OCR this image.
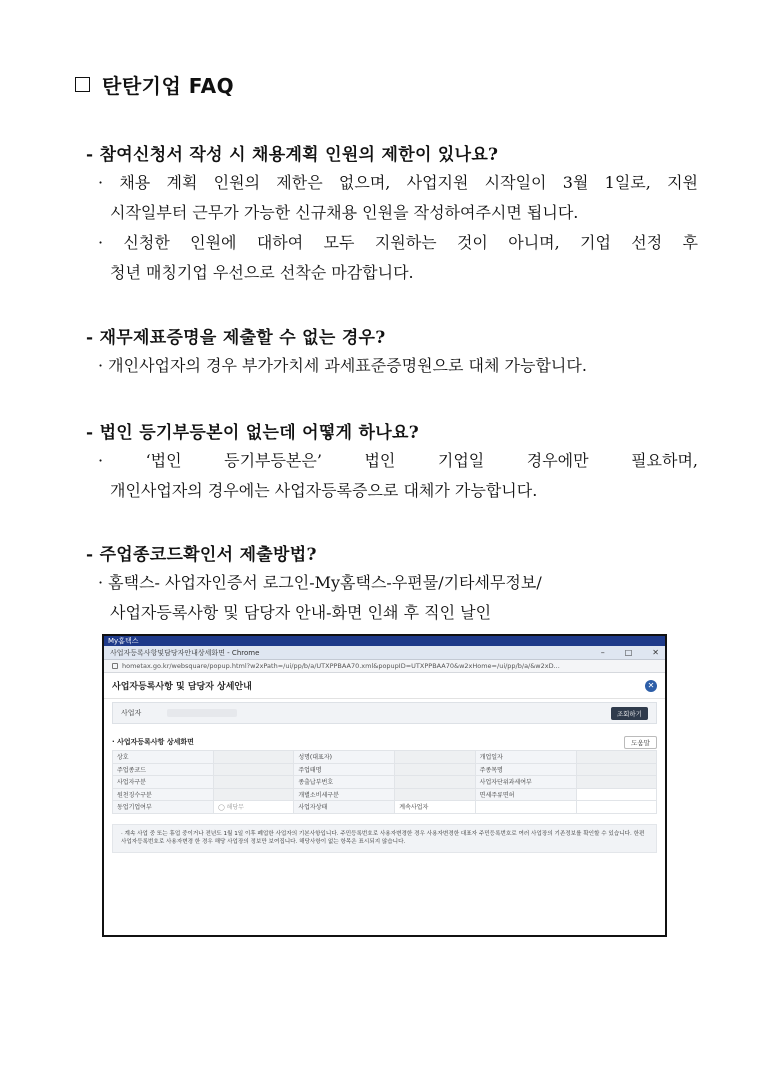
탄탄기업 FAQ
- 참여신청서 작성 시 채용계획 인원의 제한이 있나요?
· 채용 계획 인원의 제한은 없으며, 사업지원 시작일이 3월 1일로, 지원
시작일부터 근무가 가능한 신규채용 인원을 작성하여주시면 됩니다.
· 신청한 인원에 대하여 모두 지원하는 것이 아니며, 기업 선정 후
청년 매칭기업 우선으로 선착순 마감합니다.
- 재무제표증명을 제출할 수 없는 경우?
· 개인사업자의 경우 부가가치세 과세표준증명원으로 대체 가능합니다.
- 법인 등기부등본이 없는데 어떻게 하나요?
· ‘법인 등기부등본은’ 법인 기업일 경우에만 필요하며,
개인사업자의 경우에는 사업자등록증으로 대체가 가능합니다.
- 주업종코드확인서 제출방법?
· 홈택스- 사업자인증서 로그인-My홈택스-우편물/기타세무정보/
사업자등록사항 및 담당자 안내-화면 인쇄 후 직인 날인
My홈택스
사업자등록사항및담당자안내상세화면 - Chrome	–	□	✕
hometax.go.kr/websquare/popup.html?w2xPath=/ui/pp/b/a/UTXPPBAA70.xml&popupID=UTXPPBAA70&w2xHome=/ui/pp/b/a/&w2xD...
사업자등록사항 및 담당자 상세안내	✕
사업자	조회하기
· 사업자등록사항 상세화면	도움말
상호		성명(대표자)		개업일자	
주업종코드		주업태명		주종목명	
사업자구분		종출납부번호		사업자단위과세여부	
원천징수구분		개별소비세구분		면세주류면허	
동업기업여부	◯ 해당무	사업자상태	계속사업자		
· 계속 사업 중 또는 휴업 중이거나 전년도 1월 1일 이후 폐업한 사업자의 기본사항입니다. 주민등록번호로 사용자변경한 경우 사용자변경한 대표자 주민등록번호로 여러 사업장의 기존정보를 확인할 수 있습니다. 한편 사업자등록번호로 사용자변경 한 경우 해당 사업장의 정보만 보여집니다. 해당사항이 없는 항목은 표시되지 않습니다.
